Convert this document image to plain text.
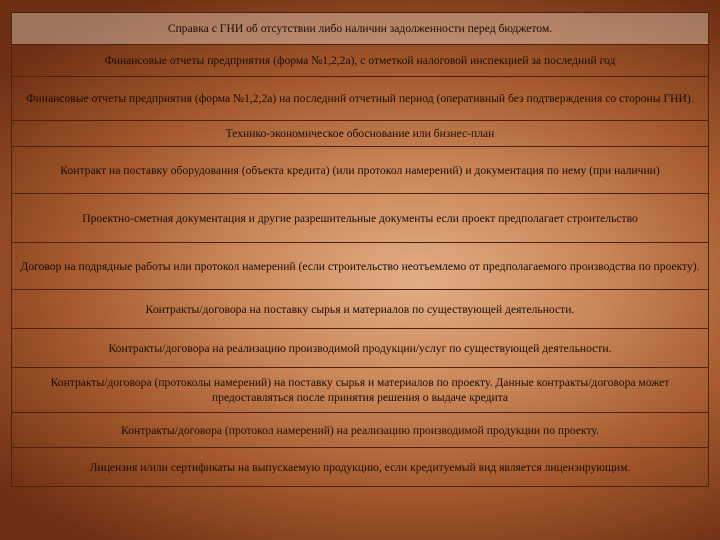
Справка с ГНИ об отсутствии либо наличии задолженности перед бюджетом.
Финансовые отчеты предприятия (форма №1,2,2а), с отметкой налоговой инспекцией за последний год
Финансовые отчеты предприятия (форма №1,2,2а) на последний отчетный период (оперативный без подтверждения со стороны ГНИ).
Технико-экономическое обоснование или бизнес-план
Контракт на поставку оборудования (объекта кредита) (или протокол намерений) и документация по нему (при наличии)
Проектно-сметная документация и другие разрешительные документы если проект предполагает строительство
Договор на подрядные работы или протокол намерений (если строительство неотъемлемо от предполагаемого производства по проекту).
Контракты/договора на поставку сырья и материалов по существующей деятельности.
Контракты/договора на реализацию производимой продукции/услуг по существующей деятельности.
Контракты/договора (протоколы намерений) на поставку сырья и материалов по проекту. Данные контракты/договора может предоставляться после принятия решения о выдаче кредита
Контракты/договора (протокол намерений) на реализацию производимой продукции по проекту.
Лицензия и/или сертификаты на выпускаемую продукцию, если кредитуемый вид является лицензирующим.
